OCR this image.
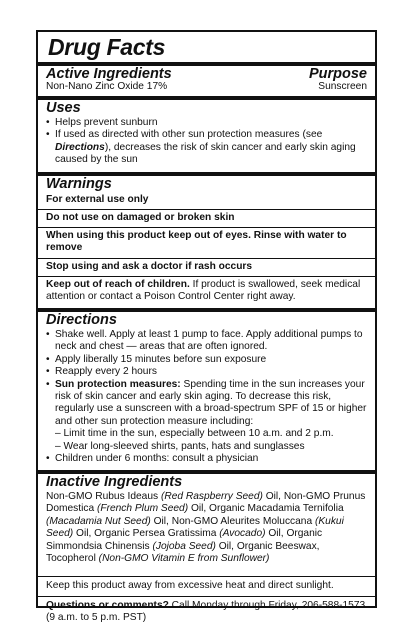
Drug Facts
Active Ingredients	Purpose
Non-Nano Zinc Oxide 17%	Sunscreen
Uses
• Helps prevent sunburn
• If used as directed with other sun protection measures (see Directions), decreases the risk of skin cancer and early skin aging caused by the sun
Warnings
For external use only
Do not use on damaged or broken skin
When using this product keep out of eyes. Rinse with water to remove
Stop using and ask a doctor if rash occurs
Keep out of reach of children. If product is swallowed, seek medical attention or contact a Poison Control Center right away.
Directions
• Shake well. Apply at least 1 pump to face. Apply additional pumps to neck and chest — areas that are often ignored.
• Apply liberally 15 minutes before sun exposure
• Reapply every 2 hours
• Sun protection measures: Spending time in the sun increases your risk of skin cancer and early skin aging. To decrease this risk, regularly use a sunscreen with a broad-spectrum SPF of 15 or higher and other sun protection measure including:
– Limit time in the sun, especially between 10 a.m. and 2 p.m.
– Wear long-sleeved shirts, pants, hats and sunglasses
• Children under 6 months: consult a physician
Inactive Ingredients
Non-GMO Rubus Ideaus (Red Raspberry Seed) Oil, Non-GMO Prunus Domestica (French Plum Seed) Oil, Organic Macadamia Ternifolia (Macadamia Nut Seed) Oil, Non-GMO Aleurites Moluccana (Kukui Seed) Oil, Organic Persea Gratissima (Avocado) Oil, Organic Simmondsia Chinensis (Jojoba Seed) Oil, Organic Beeswax, Tocopherol (Non-GMO Vitamin E from Sunflower)
Keep this product away from excessive heat and direct sunlight.
Questions or comments? Call Monday through Friday, 206-588-1573 (9 a.m. to 5 p.m. PST)
